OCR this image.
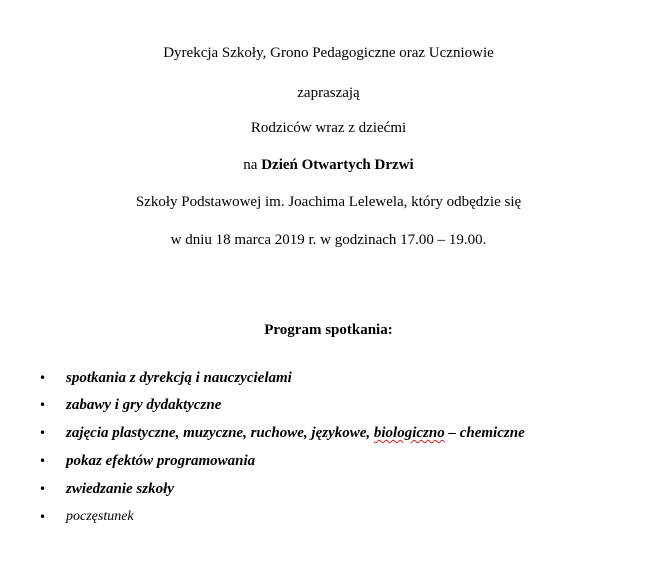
Dyrekcja Szkoły, Grono Pedagogiczne oraz Uczniowie
zapraszają
Rodziców wraz z dziećmi
na Dzień Otwartych Drzwi
Szkoły Podstawowej im. Joachima Lelewela, który odbędzie się
w dniu 18 marca 2019 r. w godzinach 17.00 – 19.00.
Program spotkania:
• spotkania z dyrekcją i nauczycielami
• zabawy i gry dydaktyczne
• zajęcia plastyczne, muzyczne, ruchowe, językowe, biologiczno – chemiczne
• pokaz efektów programowania
• zwiedzanie szkoły
• poczęstunek
